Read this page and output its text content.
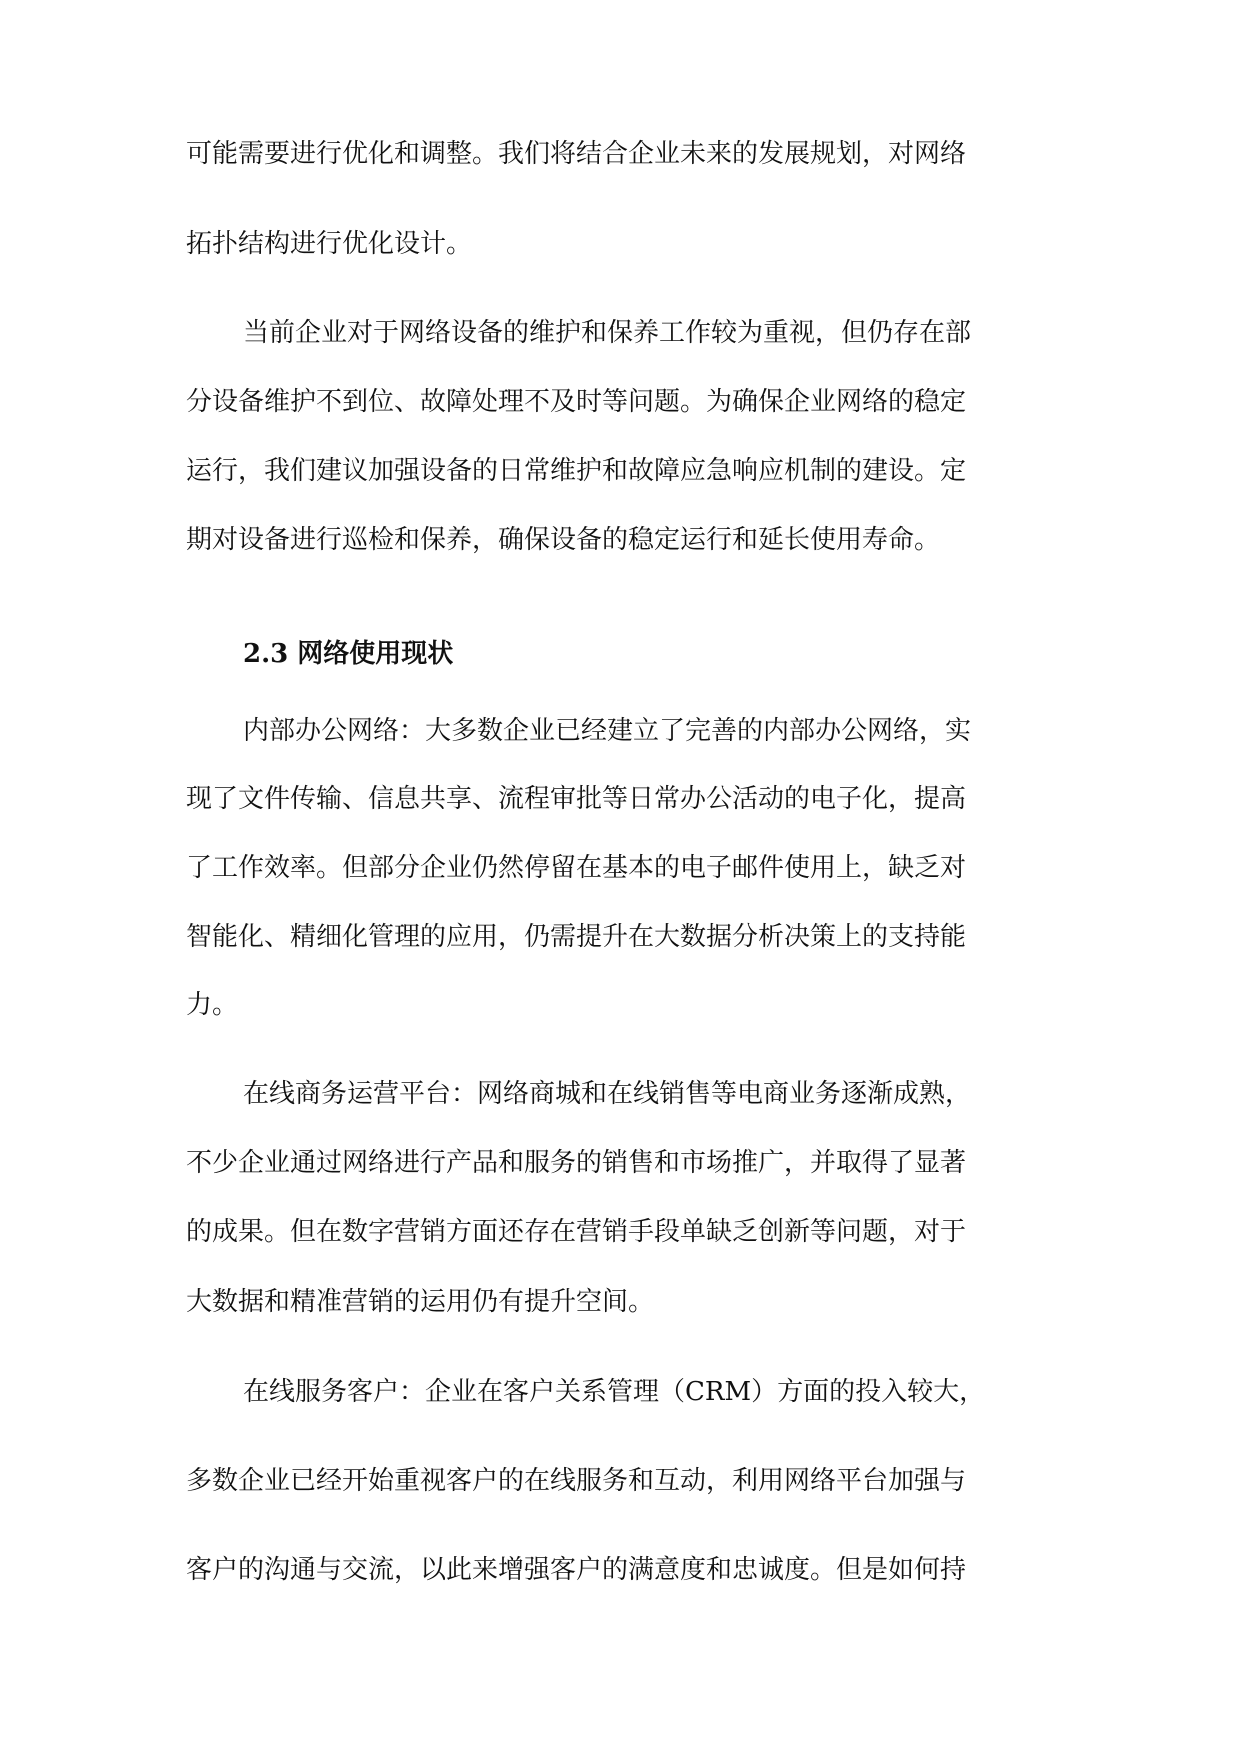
可能需要进行优化和调整。我们将结合企业未来的发展规划，对网络
拓扑结构进行优化设计。
当前企业对于网络设备的维护和保养工作较为重视，但仍存在部
分设备维护不到位、故障处理不及时等问题。为确保企业网络的稳定
运行，我们建议加强设备的日常维护和故障应急响应机制的建设。定
期对设备进行巡检和保养，确保设备的稳定运行和延长使用寿命。
2.3 网络使用现状
内部办公网络：大多数企业已经建立了完善的内部办公网络，实
现了文件传输、信息共享、流程审批等日常办公活动的电子化，提高
了工作效率。但部分企业仍然停留在基本的电子邮件使用上，缺乏对
智能化、精细化管理的应用，仍需提升在大数据分析决策上的支持能
力。
在线商务运营平台：网络商城和在线销售等电商业务逐渐成熟，
不少企业通过网络进行产品和服务的销售和市场推广，并取得了显著
的成果。但在数字营销方面还存在营销手段单缺乏创新等问题，对于
大数据和精准营销的运用仍有提升空间。
在线服务客户：企业在客户关系管理（CRM）方面的投入较大，
多数企业已经开始重视客户的在线服务和互动，利用网络平台加强与
客户的沟通与交流，以此来增强客户的满意度和忠诚度。但是如何持
